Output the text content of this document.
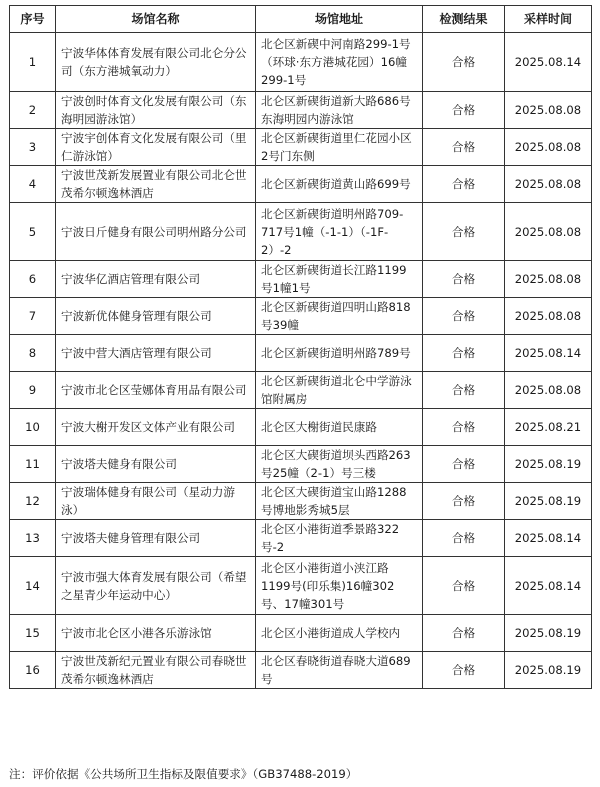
序号	场馆名称	场馆地址	检测结果	采样时间
1	宁波华体体育发展有限公司北仑分公司（东方港城氧动力）	北仑区新碶中河南路299-1号（环球·东方港城花园）16幢299-1号	合格	2025.08.14
2	宁波创时体育文化发展有限公司（东海明园游泳馆）	北仑区新碶街道新大路686号东海明园内游泳馆	合格	2025.08.08
3	宁波宇创体育文化发展有限公司（里仁游泳馆）	北仑区新碶街道里仁花园小区2号门东侧	合格	2025.08.08
4	宁波世茂新发展置业有限公司北仑世茂希尔顿逸林酒店	北仑区新碶街道黄山路699号	合格	2025.08.08
5	宁波日斤健身有限公司明州路分公司	北仑区新碶街道明州路709-717号1幢（-1-1）（-1F-2）-2	合格	2025.08.08
6	宁波华亿酒店管理有限公司	北仑区新碶街道长江路1199号1幢1号	合格	2025.08.08
7	宁波新优体健身管理有限公司	北仑区新碶街道四明山路818号39幢	合格	2025.08.08
8	宁波中营大酒店管理有限公司	北仑区新碶街道明州路789号	合格	2025.08.14
9	宁波市北仑区莹娜体育用品有限公司	北仑区新碶街道北仑中学游泳馆附属房	合格	2025.08.08
10	宁波大榭开发区文体产业有限公司	北仑区大榭街道民康路	合格	2025.08.21
11	宁波塔夫健身有限公司	北仑区大碶街道坝头西路263号25幢（2-1）号三楼	合格	2025.08.19
12	宁波瑞体健身有限公司（星动力游泳）	北仑区大碶街道宝山路1288号博地影秀城5层	合格	2025.08.19
13	宁波塔夫健身管理有限公司	北仑区小港街道季景路322号-2	合格	2025.08.14
14	宁波市强大体育发展有限公司（希望之星青少年运动中心）	北仑区小港街道小浃江路1199号(印乐集)16幢302号、17幢301号	合格	2025.08.14
15	宁波市北仑区小港各乐游泳馆	北仑区小港街道成人学校内	合格	2025.08.19
16	宁波世茂新纪元置业有限公司春晓世茂希尔顿逸林酒店	北仑区春晓街道春晓大道689号	合格	2025.08.19
注：评价依据《公共场所卫生指标及限值要求》（GB37488-2019）
